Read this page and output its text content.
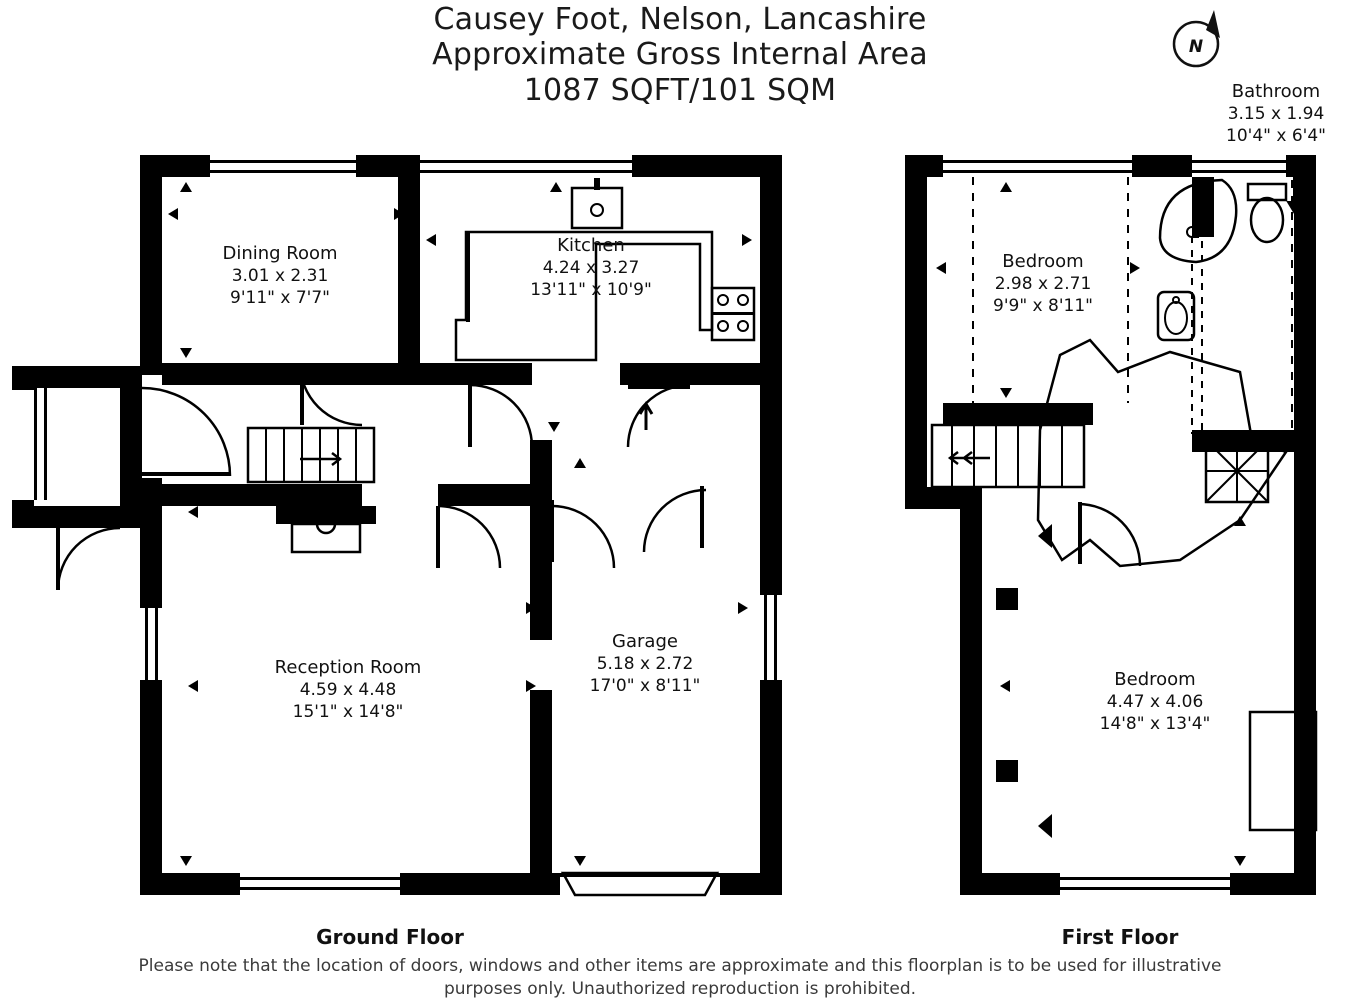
Causey Foot, Nelson, Lancashire
Approximate Gross Internal Area
1087 SQFT/101 SQM
N
Dining Room
3.01 x 2.31
9'11" x 7'7"
Kitchen
4.24 x 3.27
13'11" x 10'9"
Reception Room
4.59 x 4.48
15'1" x 14'8"
Garage
5.18 x 2.72
17'0" x 8'11"
Bathroom
3.15 x 1.94
10'4" x 6'4"
Bedroom
2.98 x 2.71
9'9" x 8'11"
Bedroom
4.47 x 4.06
14'8" x 13'4"
Ground Floor	First Floor
Please note that the location of doors, windows and other items are approximate and this floorplan is to be used for illustrative
purposes only. Unauthorized reproduction is prohibited.
